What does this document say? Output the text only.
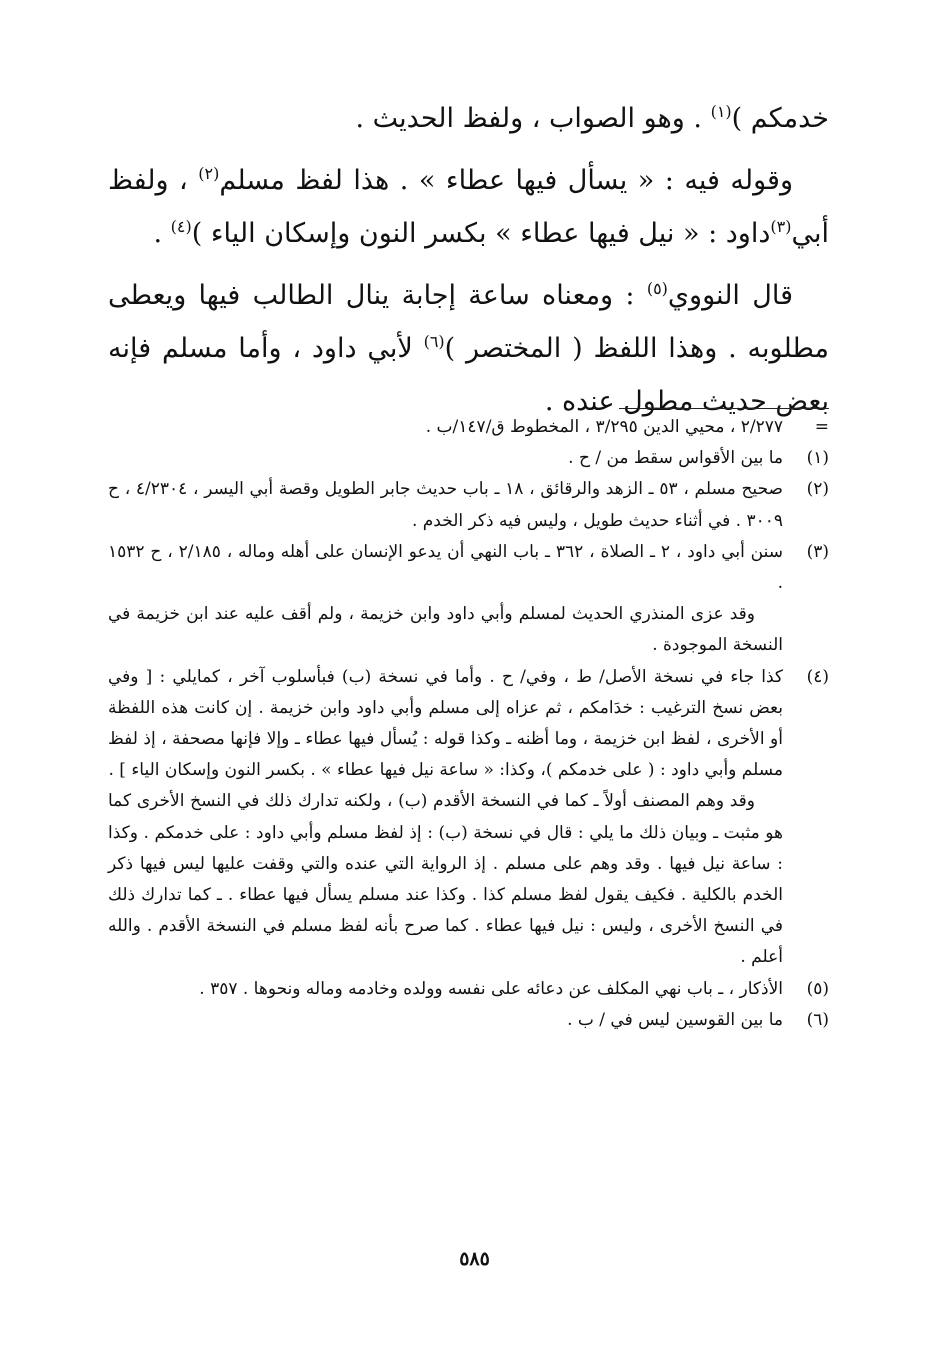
خدمكم )$^{(١)}$ . وهو الصواب ، ولفظ الحديث .

وقوله فيه : « يسأل فيها عطاء » . هذا لفظ مسلم$^{(٢)}$ ، ولفظ أبي$^{(٣)}$داود : « نيل فيها عطاء » بكسر النون وإسكان الياء )$^{(٤)}$ .

قال النووي$^{(٥)}$ : ومعناه ساعة إجابة ينال الطالب فيها ويعطى مطلوبه . وهذا اللفظ ( المختصر )$^{(٦)}$ لأبي داود ، وأما مسلم فإنه بعض حديث مطول عنده .

=
٢/٢٧٧ ، محيي الدين ٣/٢٩٥ ، المخطوط ق/١٤٧/ب .
(١)
ما بين الأقواس سقط من / ح .
(٢)
صحيح مسلم ، ٥٣ ـ الزهد والرقائق ، ١٨ ـ باب حديث جابر الطويل وقصة أبي اليسر ، ٤/٢٣٠٤ ، ح ٣٠٠٩ . في أثناء حديث طويل ، وليس فيه ذكر الخدم .
(٣)
سنن أبي داود ، ٢ ـ الصلاة ، ٣٦٢ ـ باب النهي أن يدعو الإنسان على أهله وماله ، ٢/١٨٥ ، ح ١٥٣٢ .
وقد عزى المنذري الحديث لمسلم وأبي داود وابن خزيمة ، ولم أقف عليه عند ابن خزيمة في النسخة الموجودة .
(٤)
كذا جاء في نسخة الأصل/ ط ، وفي/ ح . وأما في نسخة (ب) فبأسلوب آخر ، كمايلي : [ وفي بعض نسخ الترغيب : خدَامكم ، ثم عزاه إلى مسلم وأبي داود وابن خزيمة . إن كانت هذه اللفظة أو الأخرى ، لفظ ابن خزيمة ، وما أظنه ـ وكذا قوله : يُسأل فيها عطاء ـ وإلا فإنها مصحفة ، إذ لفظ مسلم وأبي داود : ( على خدمكم )، وكذا: « ساعة نيل فيها عطاء » . بكسر النون وإسكان الياء ] .
وقد وهم المصنف أولاً ـ كما في النسخة الأقدم (ب) ، ولكنه تدارك ذلك في النسخ الأخرى كما هو مثبت ـ وبيان ذلك ما يلي : قال في نسخة (ب) : إذ لفظ مسلم وأبي داود : على خدمكم . وكذا : ساعة نيل فيها . وقد وهم على مسلم . إذ الرواية التي عنده والتي وقفت عليها ليس فيها ذكر الخدم بالكلية . فكيف يقول لفظ مسلم كذا . وكذا عند مسلم يسأل فيها عطاء . ـ كما تدارك ذلك في النسخ الأخرى ، وليس : نيل فيها عطاء . كما صرح بأنه لفظ مسلم في النسخة الأقدم . والله أعلم .
(٥)
الأذكار ، ـ باب نهي المكلف عن دعائه على نفسه وولده وخادمه وماله ونحوها . ٣٥٧ .
(٦)
ما بين القوسين ليس في / ب .
٥٨٥
